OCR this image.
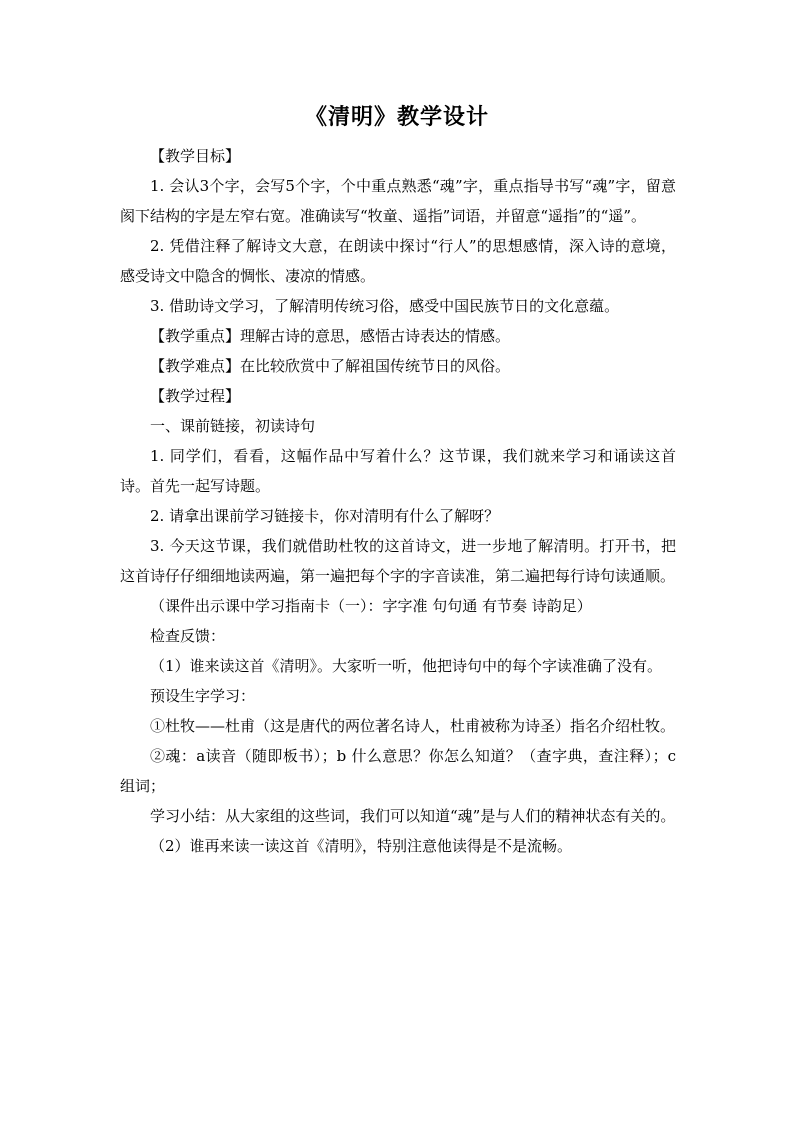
《清明》教学设计

【教学目标】

1. 会认3个字，会写5个字，个中重点熟悉“魂”字，重点指导书写“魂”字，留意阂下结构的字是左窄右宽。准确读写“牧童、遥指”词语，并留意“遥指”的“遥”。

2. 凭借注释了解诗文大意，在朗读中探讨“行人”的思想感情，深入诗的意境，感受诗文中隐含的惆怅、凄凉的情感。

3. 借助诗文学习，了解清明传统习俗，感受中国民族节日的文化意蕴。

【教学重点】理解古诗的意思，感悟古诗表达的情感。

【教学难点】在比较欣赏中了解祖国传统节日的风俗。

【教学过程】

一、课前链接，初读诗句

1. 同学们，看看，这幅作品中写着什么？这节课，我们就来学习和诵读这首诗。首先一起写诗题。

2. 请拿出课前学习链接卡，你对清明有什么了解呀？

3. 今天这节课，我们就借助杜牧的这首诗文，进一步地了解清明。打开书，把这首诗仔仔细细地读两遍，第一遍把每个字的字音读准，第二遍把每行诗句读通顺。

（课件出示课中学习指南卡（一）：字字准 句句通 有节奏 诗韵足）

检查反馈：

（1）谁来读这首《清明》。大家听一听，他把诗句中的每个字读准确了没有。

预设生字学习：

①杜牧——杜甫（这是唐代的两位著名诗人，杜甫被称为诗圣）指名介绍杜牧。

②魂：a读音（随即板书）；b 什么意思？你怎么知道？（查字典，查注释）；c组词；

学习小结：从大家组的这些词，我们可以知道“魂”是与人们的精神状态有关的。

（2）谁再来读一读这首《清明》，特别注意他读得是不是流畅。
